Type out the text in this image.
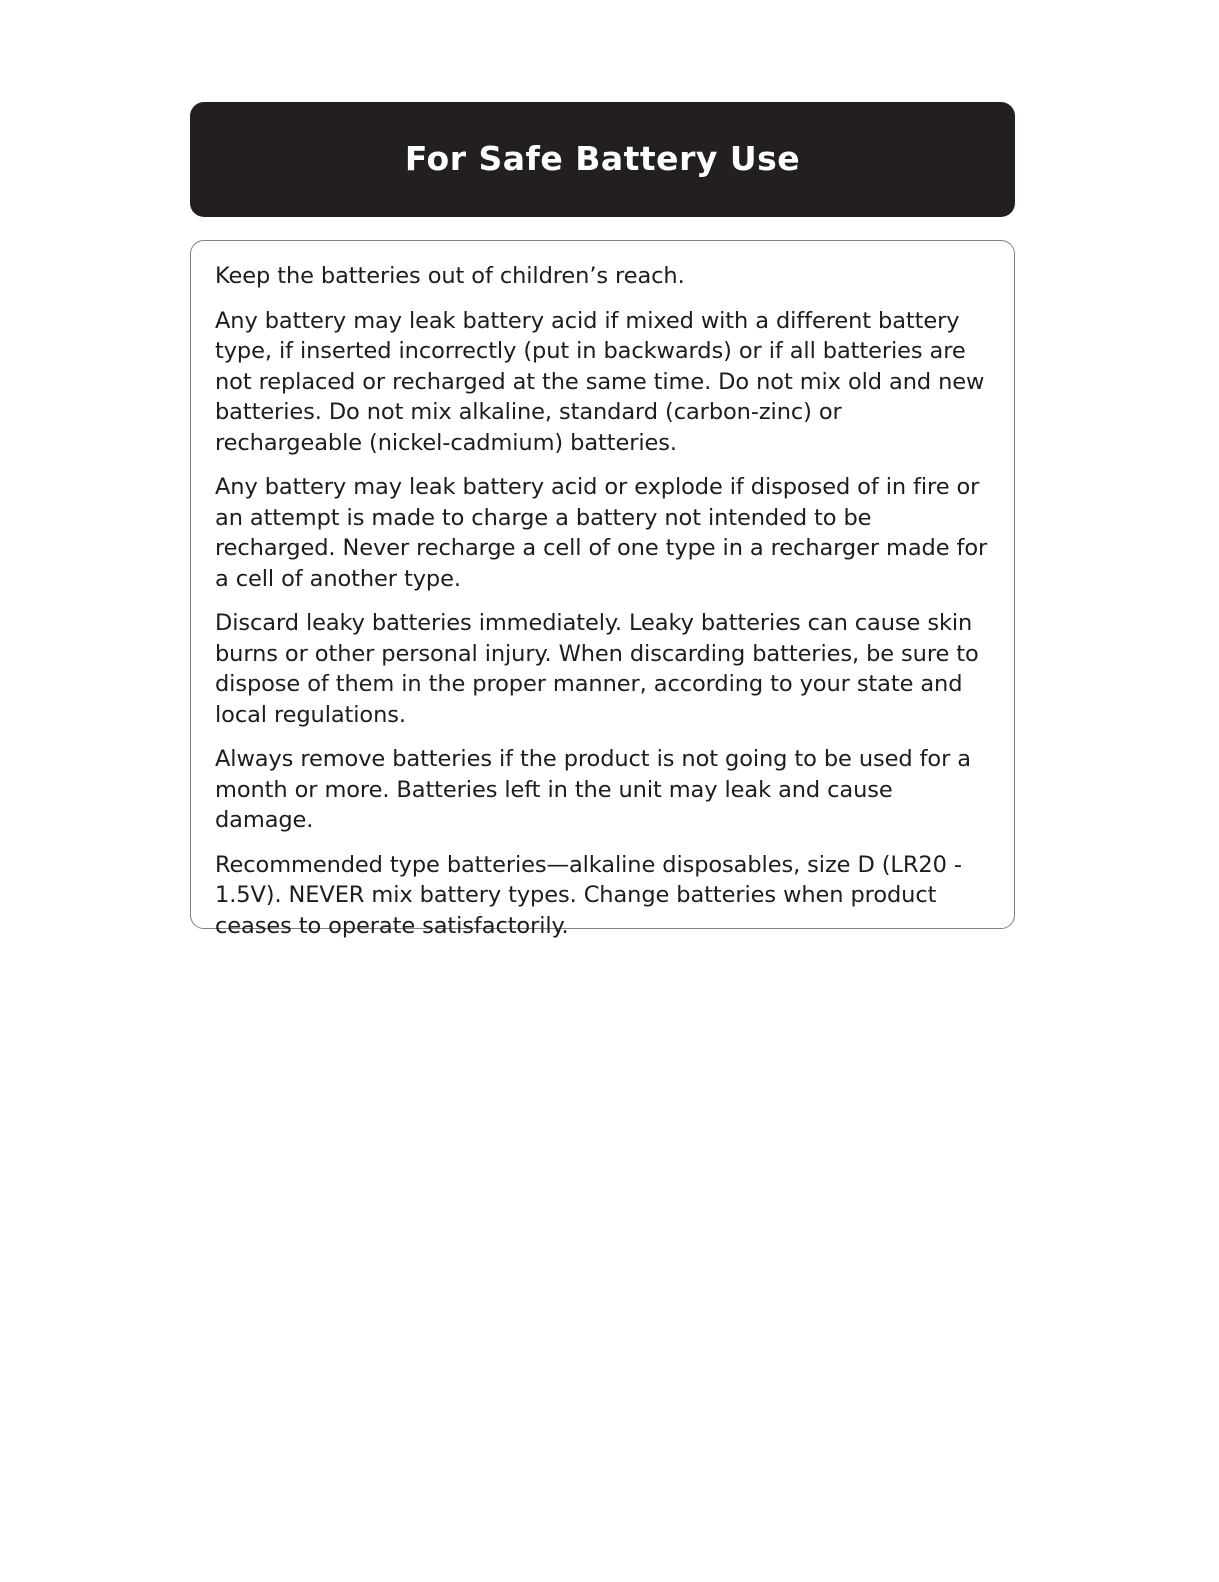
For Safe Battery Use

Keep the batteries out of children’s reach.

Any battery may leak battery acid if mixed with a different battery type, if inserted incorrectly (put in backwards) or if all batteries are not replaced or recharged at the same time. Do not mix old and new batteries. Do not mix alkaline, standard (carbon-zinc) or rechargeable (nickel-cadmium) batteries.

Any battery may leak battery acid or explode if disposed of in fire or an attempt is made to charge a battery not intended to be recharged. Never recharge a cell of one type in a recharger made for a cell of another type.

Discard leaky batteries immediately. Leaky batteries can cause skin burns or other personal injury. When discarding batteries, be sure to dispose of them in the proper manner, according to your state and local regulations.

Always remove batteries if the product is not going to be used for a month or more. Batteries left in the unit may leak and cause damage.

Recommended type batteries—alkaline disposables, size D (LR20 - 1.5V). NEVER mix battery types. Change batteries when product ceases to operate satisfactorily.
